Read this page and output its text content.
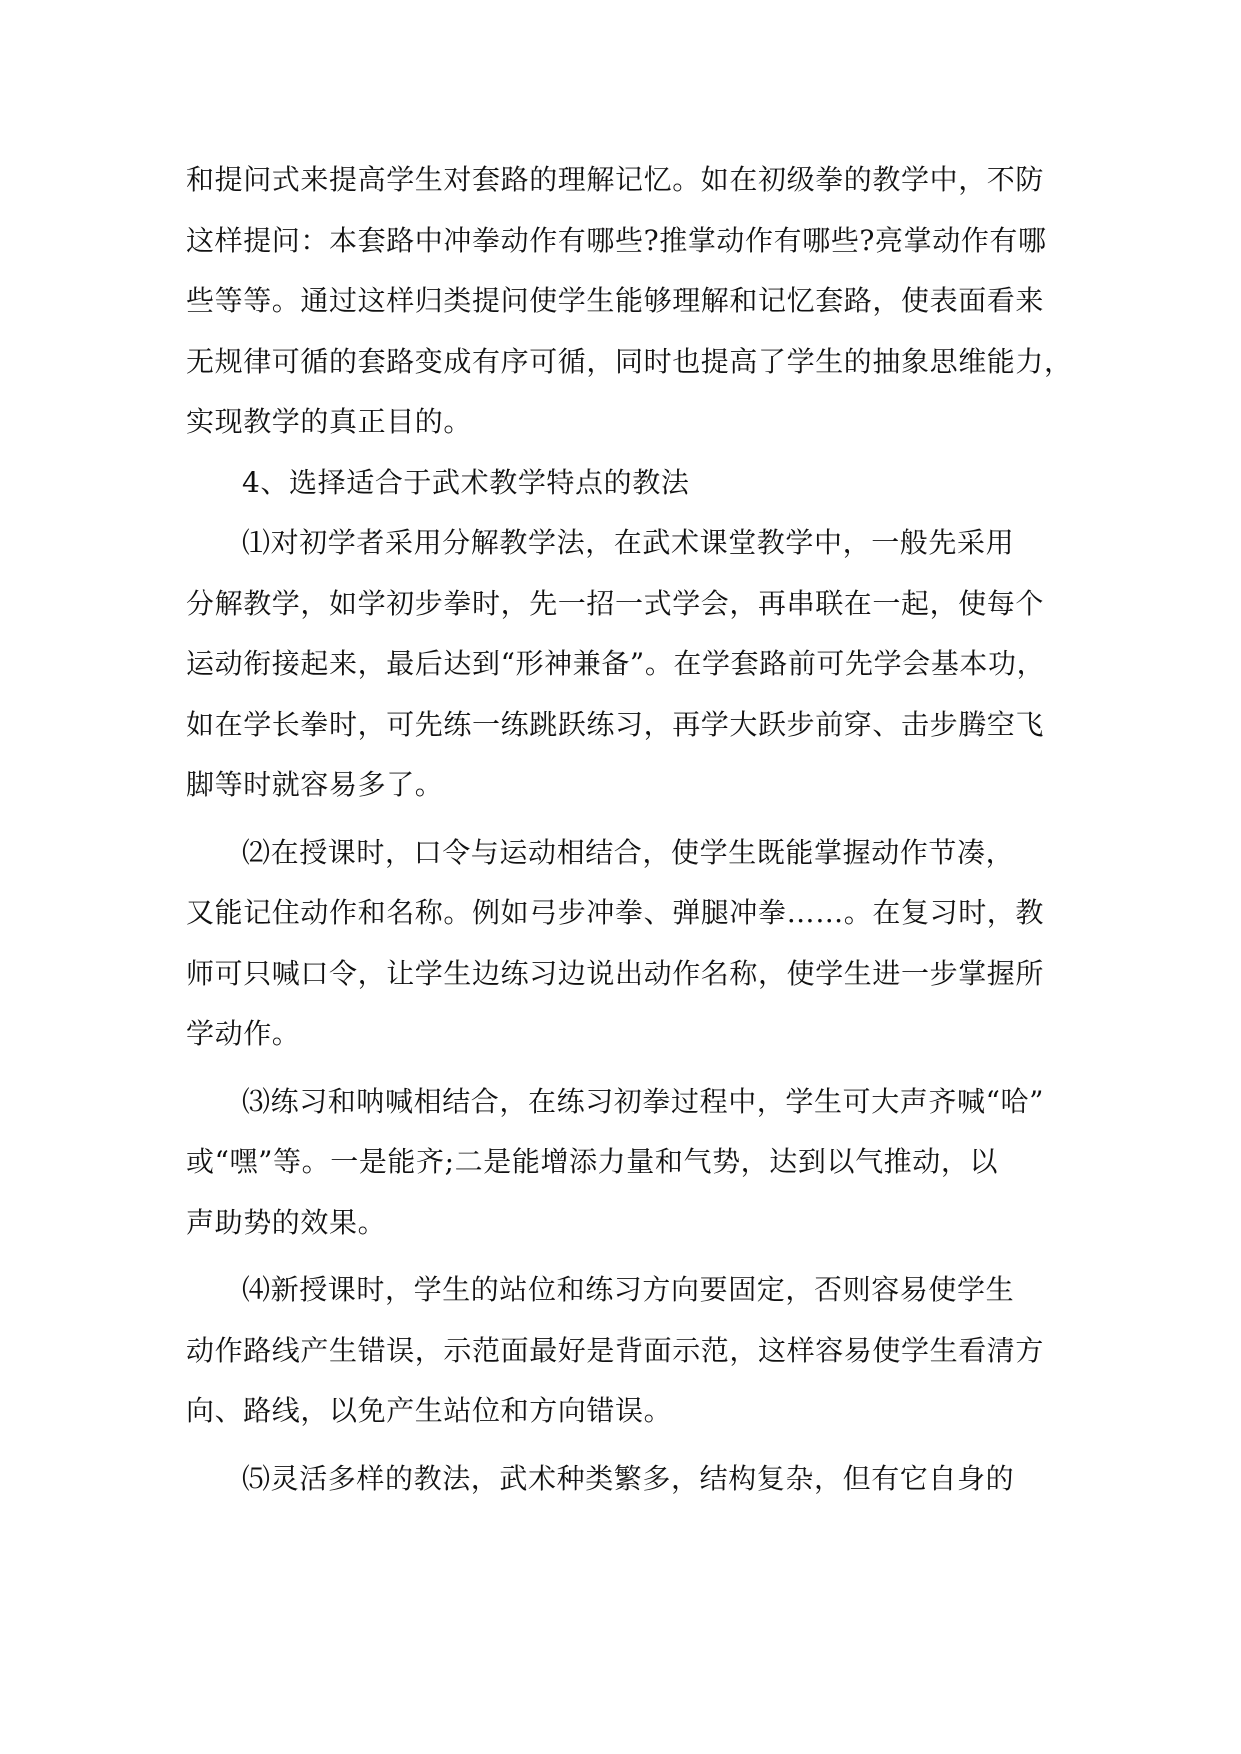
和提问式来提高学生对套路的理解记忆。如在初级拳的教学中，不防
这样提问：本套路中冲拳动作有哪些?推掌动作有哪些?亮掌动作有哪
些等等。通过这样归类提问使学生能够理解和记忆套路，使表面看来
无规律可循的套路变成有序可循，同时也提高了学生的抽象思维能力，
实现教学的真正目的。
4、选择适合于武术教学特点的教法
⑴对初学者采用分解教学法，在武术课堂教学中，一般先采用
分解教学，如学初步拳时，先一招一式学会，再串联在一起，使每个
运动衔接起来，最后达到“形神兼备”。在学套路前可先学会基本功，
如在学长拳时，可先练一练跳跃练习，再学大跃步前穿、击步腾空飞
脚等时就容易多了。
⑵在授课时，口令与运动相结合，使学生既能掌握动作节凑，
又能记住动作和名称。例如弓步冲拳、弹腿冲拳……。在复习时，教
师可只喊口令，让学生边练习边说出动作名称，使学生进一步掌握所
学动作。
⑶练习和呐喊相结合，在练习初拳过程中，学生可大声齐喊“哈”
或“嘿”等。一是能齐;二是能增添力量和气势，达到以气推动，以
声助势的效果。
⑷新授课时，学生的站位和练习方向要固定，否则容易使学生
动作路线产生错误，示范面最好是背面示范，这样容易使学生看清方
向、路线，以免产生站位和方向错误。
⑸灵活多样的教法，武术种类繁多，结构复杂，但有它自身的
